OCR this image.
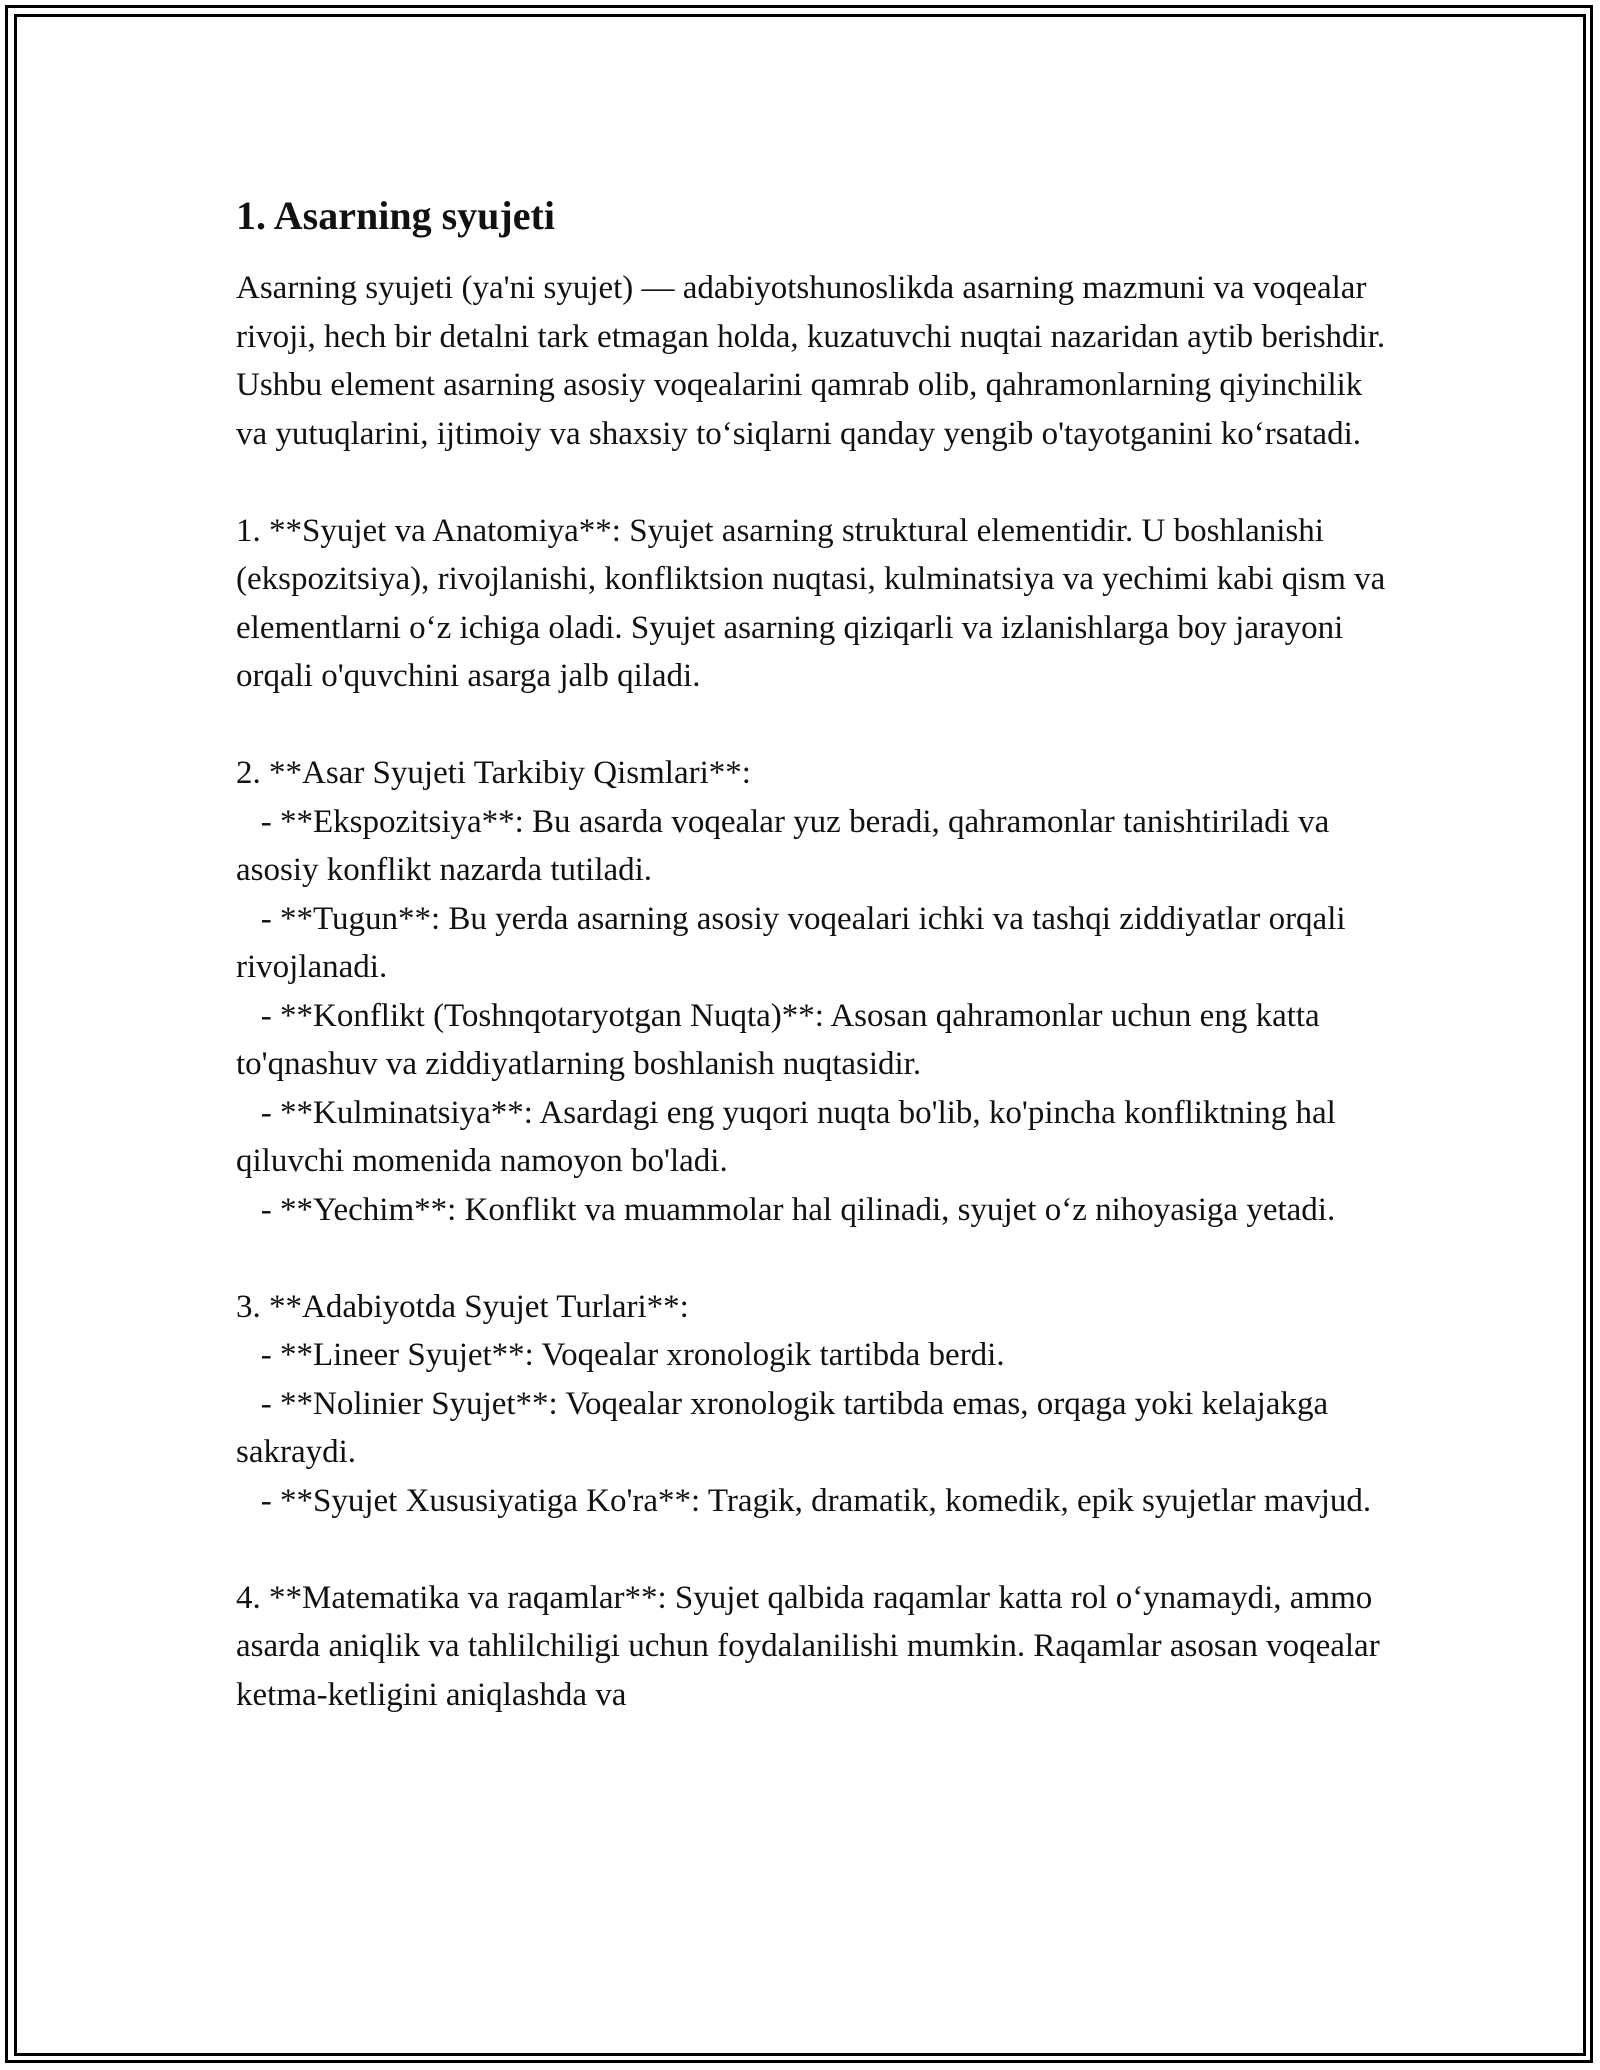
1. Asarning syujeti

Asarning syujeti (ya'ni syujet) — adabiyotshunoslikda asarning mazmuni va voqealar rivoji, hech bir detalni tark etmagan holda, kuzatuvchi nuqtai nazaridan aytib berishdir. Ushbu element asarning asosiy voqealarini qamrab olib, qahramonlarning qiyinchilik va yutuqlarini, ijtimoiy va shaxsiy to‘siqlarni qanday yengib o'tayotganini ko‘rsatadi.

1. **Syujet va Anatomiya**: Syujet asarning struktural elementidir. U boshlanishi (ekspozitsiya), rivojlanishi, konfliktsion nuqtasi, kulminatsiya va yechimi kabi qism va elementlarni o‘z ichiga oladi. Syujet asarning qiziqarli va izlanishlarga boy jarayoni orqali o'quvchini asarga jalb qiladi.

2. **Asar Syujeti Tarkibiy Qismlari**:

- **Ekspozitsiya**: Bu asarda voqealar yuz beradi, qahramonlar tanishtiriladi va asosiy konflikt nazarda tutiladi.

- **Tugun**: Bu yerda asarning asosiy voqealari ichki va tashqi ziddiyatlar orqali rivojlanadi.

- **Konflikt (Toshnqotaryotgan Nuqta)**: Asosan qahramonlar uchun eng katta to'qnashuv va ziddiyatlarning boshlanish nuqtasidir.

- **Kulminatsiya**: Asardagi eng yuqori nuqta bo'lib, ko'pincha konfliktning hal qiluvchi momenida namoyon bo'ladi.

- **Yechim**: Konflikt va muammolar hal qilinadi, syujet o‘z nihoyasiga yetadi.

3. **Adabiyotda Syujet Turlari**:

- **Lineer Syujet**: Voqealar xronologik tartibda berdi.

- **Nolinier Syujet**: Voqealar xronologik tartibda emas, orqaga yoki kelajakga sakraydi.

- **Syujet Xususiyatiga Ko'ra**: Tragik, dramatik, komedik, epik syujetlar mavjud.

4. **Matematika va raqamlar**: Syujet qalbida raqamlar katta rol o‘ynamaydi, ammo asarda aniqlik va tahlilchiligi uchun foydalanilishi mumkin. Raqamlar asosan voqealar ketma-ketligini aniqlashda va
